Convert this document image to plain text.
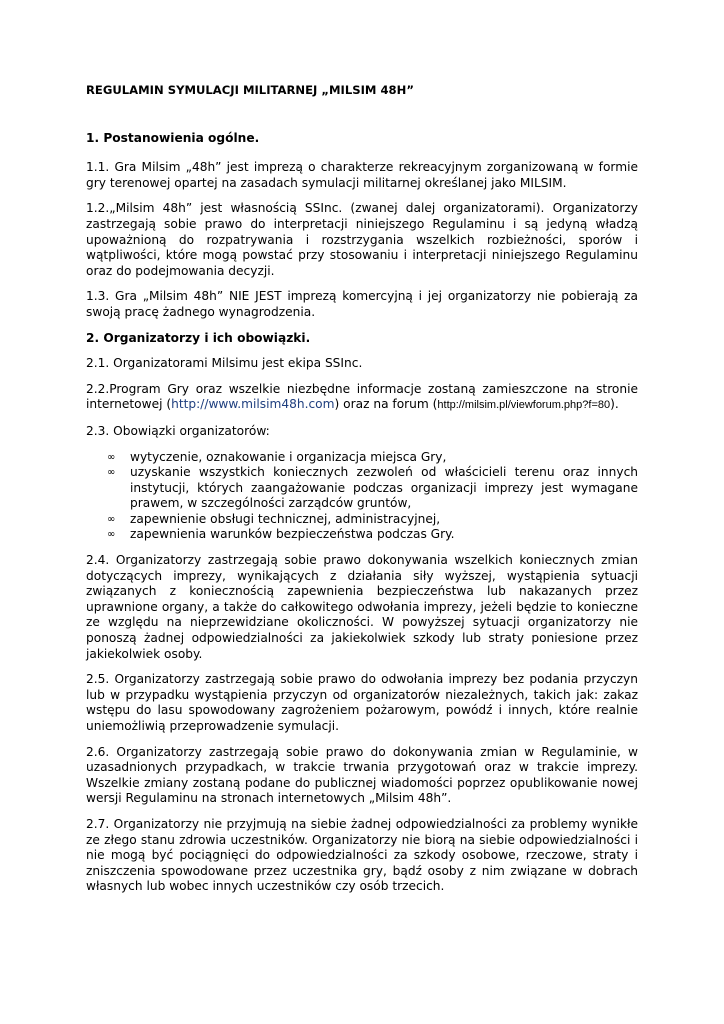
REGULAMIN SYMULACJI MILITARNEJ „MILSIM 48H”
1. Postanowienia ogólne.

1.1. Gra Milsim „48h” jest imprezą o charakterze rekreacyjnym zorganizowaną w formie gry terenowej opartej na zasadach symulacji militarnej określanej jako MILSIM.

1.2.„Milsim 48h” jest własnością SSInc. (zwanej dalej organizatorami). Organizatorzy zastrzegają sobie prawo do interpretacji niniejszego Regulaminu i są jedyną władzą upoważnioną do rozpatrywania i rozstrzygania wszelkich rozbieżności, sporów i wątpliwości, które mogą powstać przy stosowaniu i interpretacji niniejszego Regulaminu oraz do podejmowania decyzji.

1.3. Gra „Milsim 48h” NIE JEST imprezą komercyjną i jej organizatorzy nie pobierają za swoją pracę żadnego wynagrodzenia.

2. Organizatorzy i ich obowiązki.

2.1. Organizatorami Milsimu jest ekipa SSInc.

2.2.Program Gry oraz wszelkie niezbędne informacje zostaną zamieszczone na stronie internetowej (http://www.milsim48h.com) oraz na forum (http://milsim.pl/viewforum.php?f=80).

2.3. Obowiązki organizatorów:

∞ wytyczenie, oznakowanie i organizacja miejsca Gry,
∞ uzyskanie wszystkich koniecznych zezwoleń od właścicieli terenu oraz innych instytucji, których zaangażowanie podczas organizacji imprezy jest wymagane prawem, w szczególności zarządców gruntów,
∞ zapewnienie obsługi technicznej, administracyjnej,
∞ zapewnienia warunków bezpieczeństwa podczas Gry.

2.4. Organizatorzy zastrzegają sobie prawo dokonywania wszelkich koniecznych zmian dotyczących imprezy, wynikających z działania siły wyższej, wystąpienia sytuacji związanych z koniecznością zapewnienia bezpieczeństwa lub nakazanych przez uprawnione organy, a także do całkowitego odwołania imprezy, jeżeli będzie to konieczne ze względu na nieprzewidziane okoliczności. W powyższej sytuacji organizatorzy nie ponoszą żadnej odpowiedzialności za jakiekolwiek szkody lub straty poniesione przez jakiekolwiek osoby.

2.5. Organizatorzy zastrzegają sobie prawo do odwołania imprezy bez podania przyczyn lub w przypadku wystąpienia przyczyn od organizatorów niezależnych, takich jak: zakaz wstępu do lasu spowodowany zagrożeniem pożarowym, powódź i innych, które realnie uniemożliwią przeprowadzenie symulacji.

2.6. Organizatorzy zastrzegają sobie prawo do dokonywania zmian w Regulaminie, w uzasadnionych przypadkach, w trakcie trwania przygotowań oraz w trakcie imprezy. Wszelkie zmiany zostaną podane do publicznej wiadomości poprzez opublikowanie nowej wersji Regulaminu na stronach internetowych „Milsim 48h”.

2.7. Organizatorzy nie przyjmują na siebie żadnej odpowiedzialności za problemy wynikłe ze złego stanu zdrowia uczestników. Organizatorzy nie biorą na siebie odpowiedzialności i nie mogą być pociągnięci do odpowiedzialności za szkody osobowe, rzeczowe, straty i zniszczenia spowodowane przez uczestnika gry, bądź osoby z nim związane w dobrach własnych lub wobec innych uczestników czy osób trzecich.
